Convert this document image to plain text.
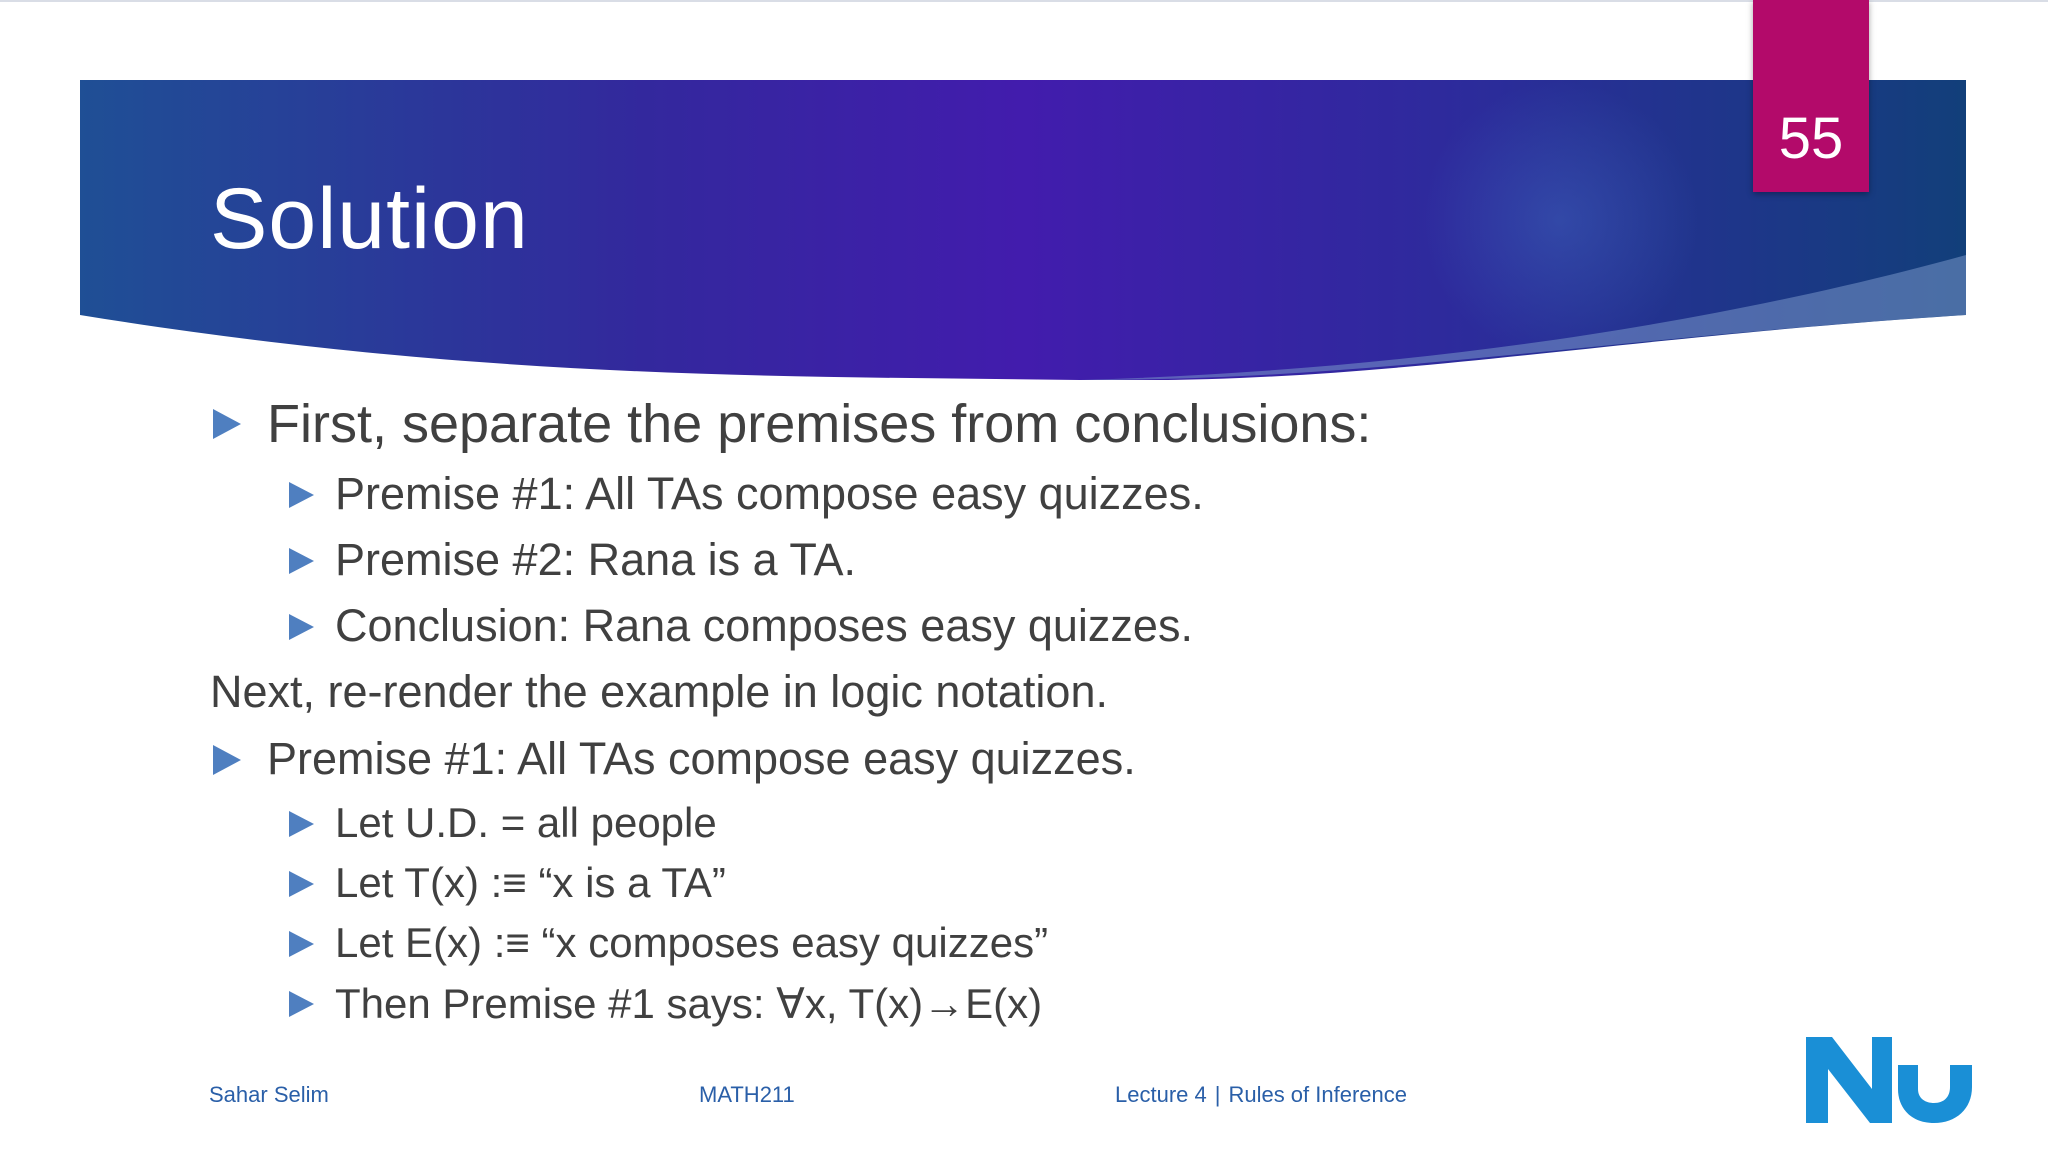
Solution
55
First, separate the premises from conclusions:
Premise #1: All TAs compose easy quizzes.
Premise #2: Rana is a TA.
Conclusion: Rana composes easy quizzes.
Next, re-render the example in logic notation.
Premise #1: All TAs compose easy quizzes.
Let U.D. = all people
Let T(x) :≡ “x is a TA”
Let E(x) :≡ “x composes easy quizzes”
Then Premise #1 says: ∀x, T(x)→E(x)
Sahar Selim	MATH211	Lecture 4 | Rules of Inference
